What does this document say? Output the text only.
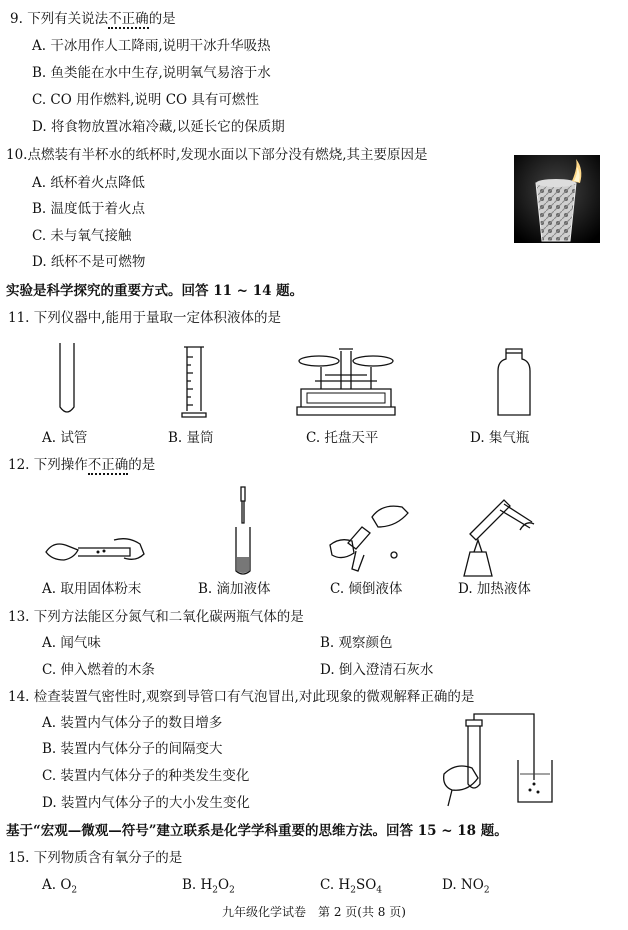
9. 下列有关说法不正确的是
A. 干冰用作人工降雨,说明干冰升华吸热
B. 鱼类能在水中生存,说明氧气易溶于水
C. CO 用作燃料,说明 CO 具有可燃性
D. 将食物放置冰箱冷藏,以延长它的保质期
10.点燃装有半杯水的纸杯时,发现水面以下部分没有燃烧,其主要原因是
A. 纸杯着火点降低
B. 温度低于着火点
C. 未与氧气接触
D. 纸杯不是可燃物
实验是科学探究的重要方式。回答 11 ~ 14 题。
11. 下列仪器中,能用于量取一定体积液体的是
A. 试管	B. 量筒	C. 托盘天平	D. 集气瓶
12. 下列操作不正确的是
A. 取用固体粉末	B. 滴加液体	C. 倾倒液体	D. 加热液体
13. 下列方法能区分氮气和二氧化碳两瓶气体的是
A. 闻气味	B. 观察颜色
C. 伸入燃着的木条	D. 倒入澄清石灰水
14. 检查装置气密性时,观察到导管口有气泡冒出,对此现象的微观解释正确的是
A. 装置内气体分子的数目增多
B. 装置内气体分子的间隔变大
C. 装置内气体分子的种类发生变化
D. 装置内气体分子的大小发生变化
基于“宏观—微观—符号”建立联系是化学学科重要的思维方法。回答 15 ~ 18 题。
15. 下列物质含有氧分子的是
A. $O_2$	B. $H_2O_2$	C. $H_2SO_4$	D. $NO_2$
九年级化学试卷　第 2 页(共 8 页)
